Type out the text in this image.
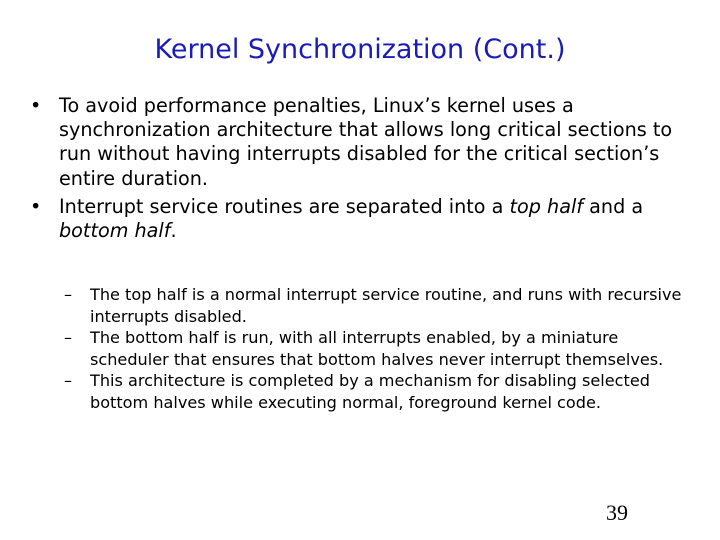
Kernel Synchronization (Cont.)
• To avoid performance penalties, Linux’s kernel uses a synchronization architecture that allows long critical sections to run without having interrupts disabled for the critical section’s entire duration.
• Interrupt service routines are separated into a top half and a bottom half.
– The top half is a normal interrupt service routine, and runs with recursive interrupts disabled.
– The bottom half is run, with all interrupts enabled, by a miniature scheduler that ensures that bottom halves never interrupt themselves.
– This architecture is completed by a mechanism for disabling selected bottom halves while executing normal, foreground kernel code.
39
